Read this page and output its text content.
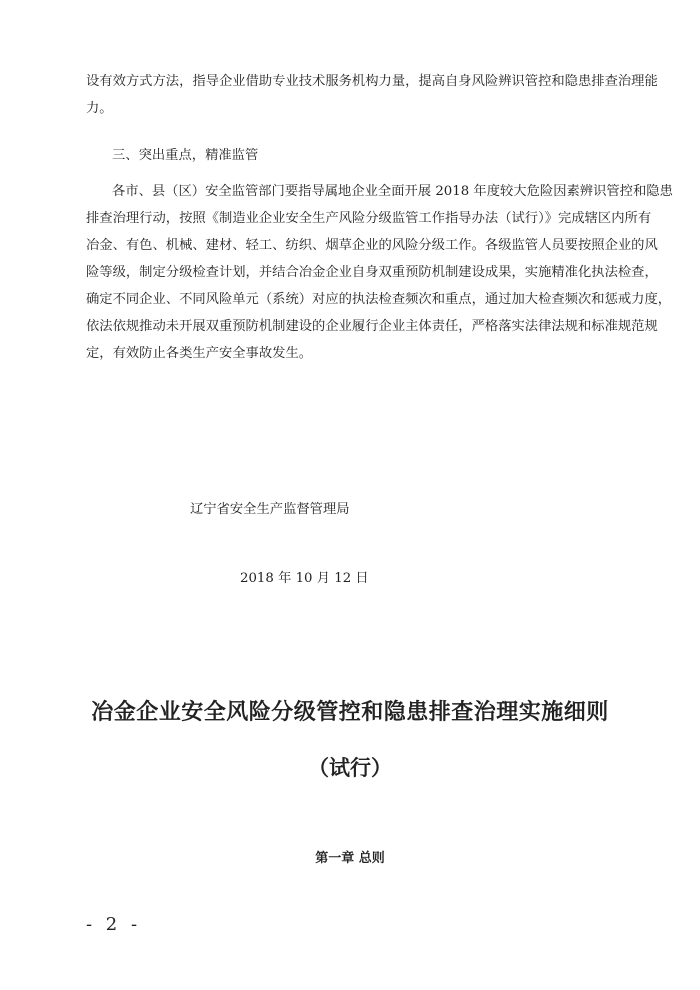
设有效方式方法，指导企业借助专业技术服务机构力量，提高自身风险辨识管控和隐患排查治理能
力。
三、突出重点，精准监管
各市、县（区）安全监管部门要指导属地企业全面开展 2018 年度较大危险因素辨识管控和隐患
排查治理行动，按照《制造业企业安全生产风险分级监管工作指导办法（试行）》完成辖区内所有
冶金、有色、机械、建材、轻工、纺织、烟草企业的风险分级工作。各级监管人员要按照企业的风
险等级，制定分级检查计划，并结合冶金企业自身双重预防机制建设成果，实施精准化执法检查，
确定不同企业、不同风险单元（系统）对应的执法检查频次和重点，通过加大检查频次和惩戒力度，
依法依规推动未开展双重预防机制建设的企业履行企业主体责任，严格落实法律法规和标准规范规
定，有效防止各类生产安全事故发生。
辽宁省安全生产监督管理局
2018 年 10 月 12 日
冶金企业安全风险分级管控和隐患排查治理实施细则
（试行）
第一章 总则
- 2 -
